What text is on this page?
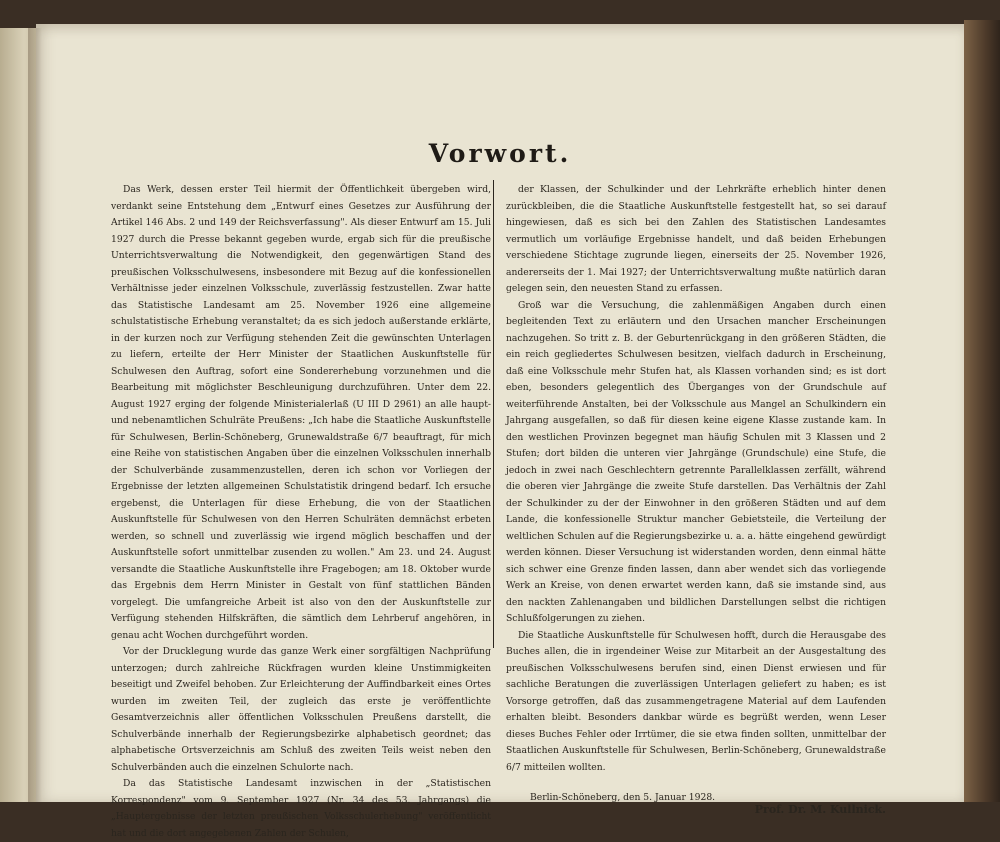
Vorwort.

Das Werk, dessen erster Teil hiermit der Öffentlichkeit übergeben wird, verdankt seine Entstehung dem „Entwurf eines Gesetzes zur Ausführung der Artikel 146 Abs. 2 und 149 der Reichsverfassung". Als dieser Entwurf am 15. Juli 1927 durch die Presse bekannt gegeben wurde, ergab sich für die preußische Unterrichtsverwaltung die Notwendigkeit, den gegenwärtigen Stand des preußischen Volksschulwesens, insbesondere mit Bezug auf die konfessionellen Verhältnisse jeder einzelnen Volksschule, zuverlässig festzustellen. Zwar hatte das Statistische Landesamt am 25. November 1926 eine allgemeine schulstatistische Erhebung veranstaltet; da es sich jedoch außerstande erklärte, in der kurzen noch zur Verfügung stehenden Zeit die gewünschten Unterlagen zu liefern, erteilte der Herr Minister der Staatlichen Auskunftstelle für Schulwesen den Auftrag, sofort eine Sondererhebung vorzunehmen und die Bearbeitung mit möglichster Beschleunigung durchzuführen. Unter dem 22. August 1927 erging der folgende Ministerialerlaß (U III D 2961) an alle haupt- und nebenamtlichen Schulräte Preußens: „Ich habe die Staatliche Auskunftstelle für Schulwesen, Berlin-Schöneberg, Grunewaldstraße 6/7 beauftragt, für mich eine Reihe von statistischen Angaben über die einzelnen Volksschulen innerhalb der Schulverbände zusammenzustellen, deren ich schon vor Vorliegen der Ergebnisse der letzten allgemeinen Schulstatistik dringend bedarf. Ich ersuche ergebenst, die Unterlagen für diese Erhebung, die von der Staatlichen Auskunftstelle für Schulwesen von den Herren Schulräten demnächst erbeten werden, so schnell und zuverlässig wie irgend möglich beschaffen und der Auskunftstelle sofort unmittelbar zusenden zu wollen." Am 23. und 24. August versandte die Staatliche Auskunftstelle ihre Fragebogen; am 18. Oktober wurde das Ergebnis dem Herrn Minister in Gestalt von fünf stattlichen Bänden vorgelegt. Die umfangreiche Arbeit ist also von den der Auskunftstelle zur Verfügung stehenden Hilfskräften, die sämtlich dem Lehrberuf angehören, in genau acht Wochen durchgeführt worden.

Vor der Drucklegung wurde das ganze Werk einer sorgfältigen Nachprüfung unterzogen; durch zahlreiche Rückfragen wurden kleine Unstimmigkeiten beseitigt und Zweifel behoben. Zur Erleichterung der Auffindbarkeit eines Ortes wurden im zweiten Teil, der zugleich das erste je veröffentlichte Gesamtverzeichnis aller öffentlichen Volksschulen Preußens darstellt, die Schulverbände innerhalb der Regierungsbezirke alphabetisch geordnet; das alphabetische Ortsverzeichnis am Schluß des zweiten Teils weist neben den Schulverbänden auch die einzelnen Schulorte nach.

Da das Statistische Landesamt inzwischen in der „Statistischen Korrespondenz" vom 9. September 1927 (Nr. 34 des 53. Jahrgangs) die „Hauptergebnisse der letzten preußischen Volksschulerhebung" veröffentlicht hat und die dort angegebenen Zahlen der Schulen,

der Klassen, der Schulkinder und der Lehrkräfte erheblich hinter denen zurückbleiben, die die Staatliche Auskunftstelle festgestellt hat, so sei darauf hingewiesen, daß es sich bei den Zahlen des Statistischen Landesamtes vermutlich um vorläufige Ergebnisse handelt, und daß beiden Erhebungen verschiedene Stichtage zugrunde liegen, einerseits der 25. November 1926, andererseits der 1. Mai 1927; der Unterrichtsverwaltung mußte natürlich daran gelegen sein, den neuesten Stand zu erfassen.

Groß war die Versuchung, die zahlenmäßigen Angaben durch einen begleitenden Text zu erläutern und den Ursachen mancher Erscheinungen nachzugehen. So tritt z. B. der Geburtenrückgang in den größeren Städten, die ein reich gegliedertes Schulwesen besitzen, vielfach dadurch in Erscheinung, daß eine Volksschule mehr Stufen hat, als Klassen vorhanden sind; es ist dort eben, besonders gelegentlich des Überganges von der Grundschule auf weiterführende Anstalten, bei der Volksschule aus Mangel an Schulkindern ein Jahrgang ausgefallen, so daß für diesen keine eigene Klasse zustande kam. In den westlichen Provinzen begegnet man häufig Schulen mit 3 Klassen und 2 Stufen; dort bilden die unteren vier Jahrgänge (Grundschule) eine Stufe, die jedoch in zwei nach Geschlechtern getrennte Parallelklassen zerfällt, während die oberen vier Jahrgänge die zweite Stufe darstellen. Das Verhältnis der Zahl der Schulkinder zu der der Einwohner in den größeren Städten und auf dem Lande, die konfessionelle Struktur mancher Gebietsteile, die Verteilung der weltlichen Schulen auf die Regierungsbezirke u. a. a. hätte eingehend gewürdigt werden können. Dieser Versuchung ist widerstanden worden, denn einmal hätte sich schwer eine Grenze finden lassen, dann aber wendet sich das vorliegende Werk an Kreise, von denen erwartet werden kann, daß sie imstande sind, aus den nackten Zahlenangaben und bildlichen Darstellungen selbst die richtigen Schlußfolgerungen zu ziehen.

Die Staatliche Auskunftstelle für Schulwesen hofft, durch die Herausgabe des Buches allen, die in irgendeiner Weise zur Mitarbeit an der Ausgestaltung des preußischen Volksschulwesens berufen sind, einen Dienst erwiesen und für sachliche Beratungen die zuverlässigen Unterlagen geliefert zu haben; es ist Vorsorge getroffen, daß das zusammengetragene Material auf dem Laufenden erhalten bleibt. Besonders dankbar würde es begrüßt werden, wenn Leser dieses Buches Fehler oder Irrtümer, die sie etwa finden sollten, unmittelbar der Staatlichen Auskunftstelle für Schulwesen, Berlin-Schöneberg, Grunewaldstraße 6/7 mitteilen wollten.

Berlin-Schöneberg, den 5. Januar 1928.
Prof. Dr. M. Kullnick.
